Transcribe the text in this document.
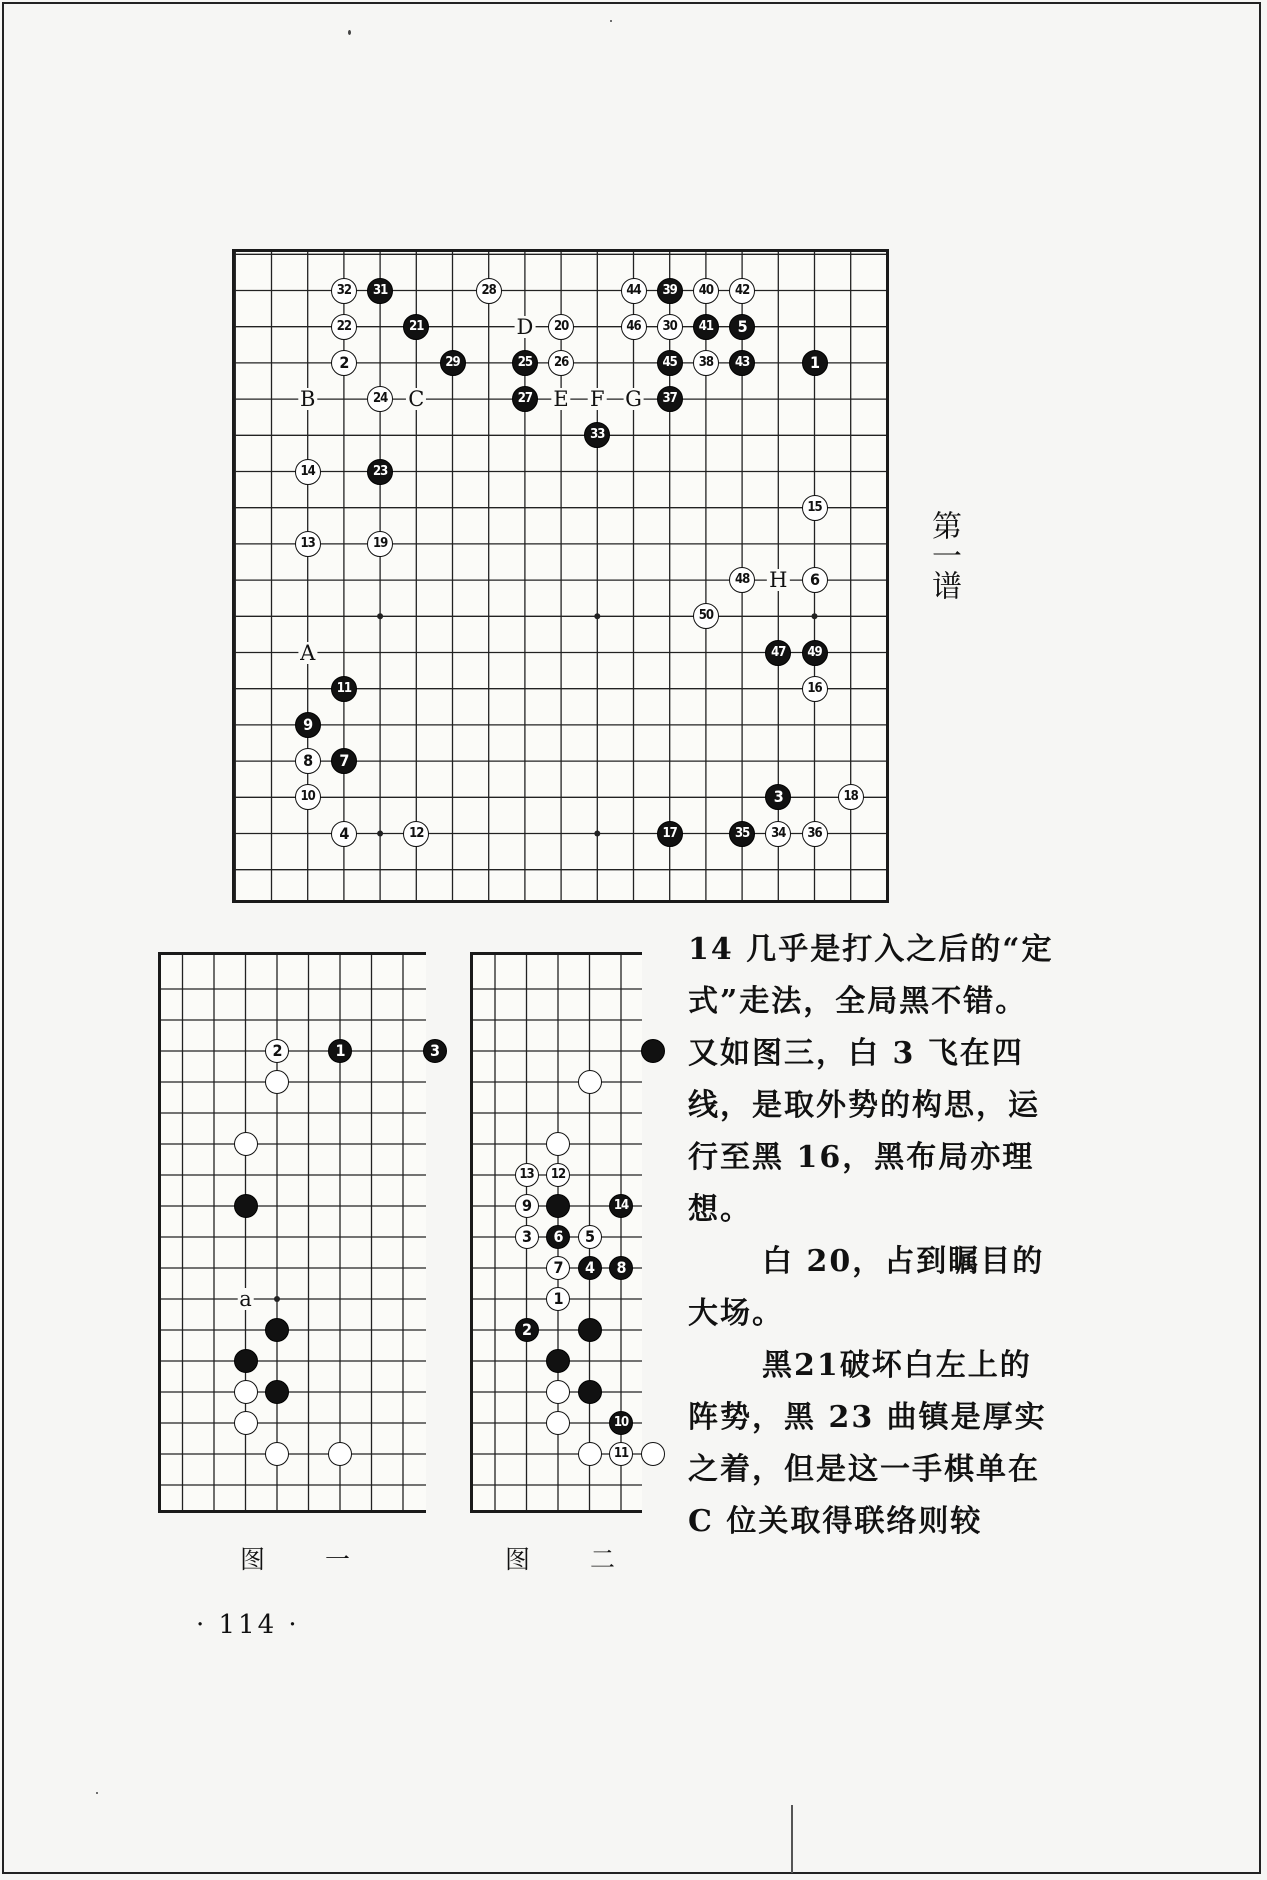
32	31	28	44	39	40	42
22	21	20	46	30	41	5
2	29	25	26	45	38	43	1
24	27	37
33
14	23
15
13	19
48	6
50
47	49
11	16
9
8	7
10	3	18
4	12	17	35	34	36
D
B	C	E F G
H
A
第一谱
2	1	3
a
13	12
9	14
3	6	5
7	4	8
1
2
10
11
图 一	图 二
14 几乎是打入之后的“定式”走法，全局黑不错。又如图三，白 3 飞在四线，是取外势的构思，运行至黑 16，黑布局亦理想。
白 20，占到瞩目的大场。
黑21破坏白左上的阵势，黑 23 曲镇是厚实之着，但是这一手棋单在 C 位关取得联络则较
· 114 ·
